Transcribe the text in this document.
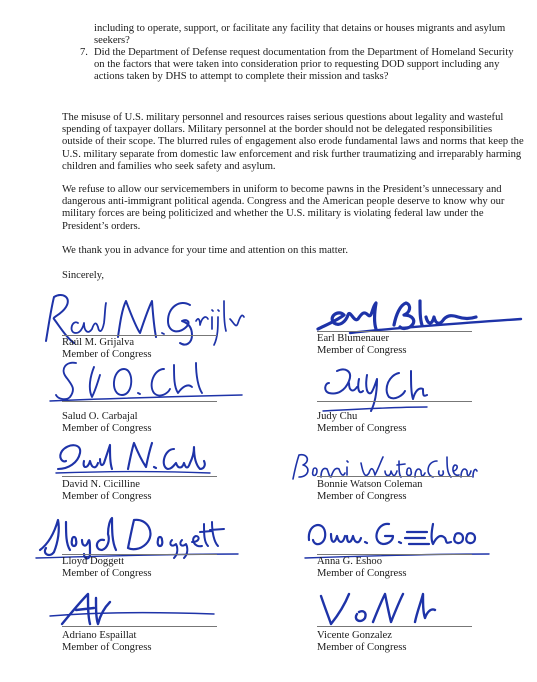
including to operate, support, or facilitate any facility that detains or houses migrants and asylum seekers?
7. Did the Department of Defense request documentation from the Department of Homeland Security on the factors that were taken into consideration prior to requesting DOD support including any actions taken by DHS to attempt to complete their mission and tasks?
The misuse of U.S. military personnel and resources raises serious questions about legality and wasteful spending of taxpayer dollars. Military personnel at the border should not be delegated responsibilities outside of their scope. The blurred rules of engagement also erode fundamental laws and norms that keep the U.S. military separate from domestic law enforcement and risk further traumatizing and irreparably harming children and families who seek safety and asylum.
We refuse to allow our servicemembers in uniform to become pawns in the President’s unnecessary and dangerous anti-immigrant political agenda. Congress and the American people deserve to know why our military forces are being politicized and whether the U.S. military is violating federal law under the President’s orders.
We thank you in advance for your time and attention on this matter.
Sincerely,
Raúl M. Grijalva
Member of Congress
Earl Blumenauer
Member of Congress
Salud O. Carbajal
Member of Congress
Judy Chu
Member of Congress
David N. Cicilline
Member of Congress
Bonnie Watson Coleman
Member of Congress
Lloyd Doggett
Member of Congress
Anna G. Eshoo
Member of Congress
Adriano Espaillat
Member of Congress
Vicente Gonzalez
Member of Congress
